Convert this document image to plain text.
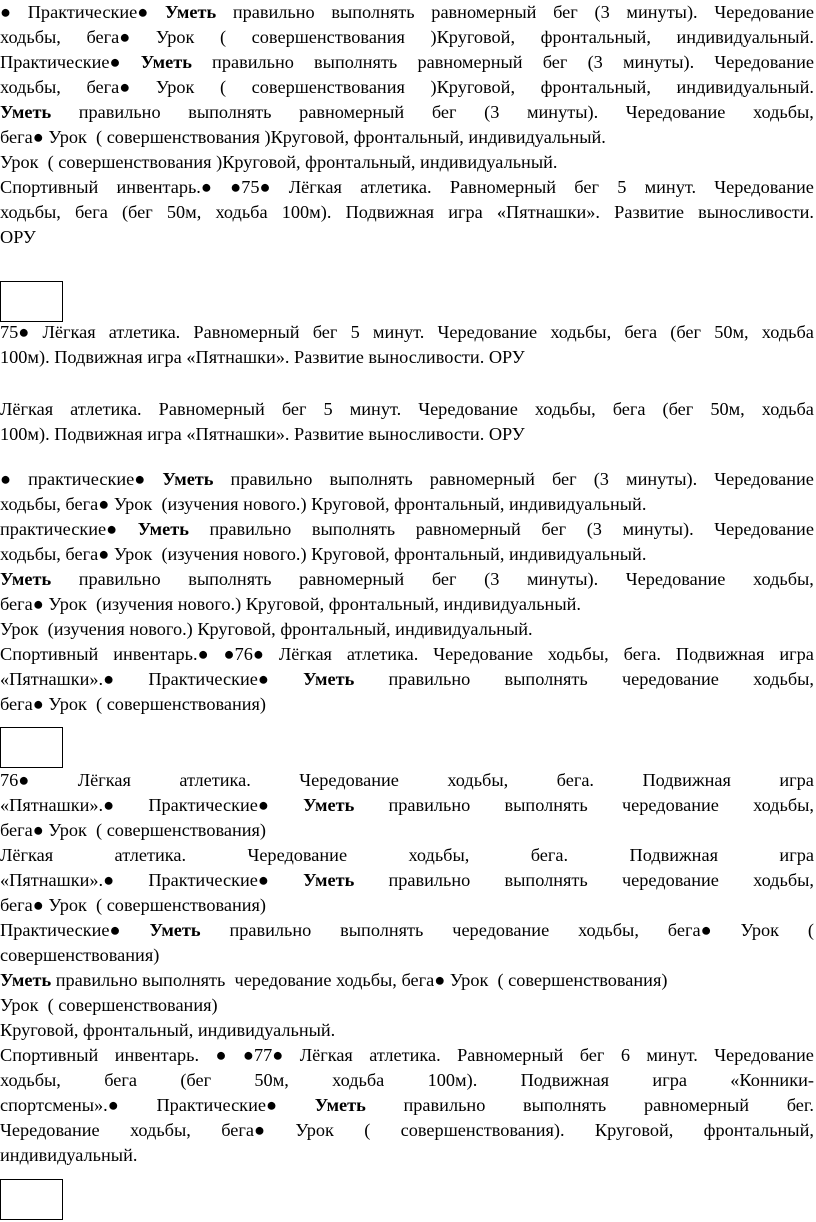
● Практические● Уметь правильно выполнять равномерный бег (3 минуты). Чередование
ходьбы, бега● Урок ( совершенствования )Круговой, фронтальный, индивидуальный.
Практические● Уметь правильно выполнять равномерный бег (3 минуты). Чередование
ходьбы, бега● Урок ( совершенствования )Круговой, фронтальный, индивидуальный.
Уметь правильно выполнять равномерный бег (3 минуты). Чередование ходьбы,
бега● Урок  ( совершенствования )Круговой, фронтальный, индивидуальный.
Урок  ( совершенствования )Круговой, фронтальный, индивидуальный.
Спортивный инвентарь.● ●75● Лёгкая атлетика. Равномерный бег 5 минут. Чередование
ходьбы, бега (бег 50м, ходьба 100м). Подвижная игра «Пятнашки». Развитие выносливости.
ОРУ
75● Лёгкая атлетика. Равномерный бег 5 минут. Чередование ходьбы, бега (бег 50м, ходьба
100м). Подвижная игра «Пятнашки». Развитие выносливости. ОРУ
Лёгкая атлетика. Равномерный бег 5 минут. Чередование ходьбы, бега (бег 50м, ходьба
100м). Подвижная игра «Пятнашки». Развитие выносливости. ОРУ
● практические● Уметь правильно выполнять равномерный бег (3 минуты). Чередование
ходьбы, бега● Урок  (изучения нового.) Круговой, фронтальный, индивидуальный.
практические● Уметь правильно выполнять равномерный бег (3 минуты). Чередование
ходьбы, бега● Урок  (изучения нового.) Круговой, фронтальный, индивидуальный.
Уметь правильно выполнять равномерный бег (3 минуты). Чередование ходьбы,
бега● Урок  (изучения нового.) Круговой, фронтальный, индивидуальный.
Урок  (изучения нового.) Круговой, фронтальный, индивидуальный.
Спортивный инвентарь.● ●76● Лёгкая атлетика. Чередование ходьбы, бега. Подвижная игра
«Пятнашки».● Практические● Уметь правильно выполнять чередование ходьбы,
бега● Урок  ( совершенствования)
76●	Лёгкая	атлетика.	Чередование	ходьбы,	бега.	Подвижная	игра
«Пятнашки».● Практические● Уметь правильно выполнять чередование ходьбы,
бега● Урок  ( совершенствования)
Лёгкая	атлетика.	Чередование	ходьбы,	бега.	Подвижная	игра
«Пятнашки».● Практические● Уметь правильно выполнять чередование ходьбы,
бега● Урок  ( совершенствования)
Практические● Уметь правильно выполнять чередование ходьбы, бега● Урок (
совершенствования)
Уметь правильно выполнять  чередование ходьбы, бега● Урок  ( совершенствования)
Урок  ( совершенствования)
Круговой, фронтальный, индивидуальный.
Спортивный инвентарь. ● ●77● Лёгкая атлетика. Равномерный бег 6 минут. Чередование
ходьбы, бега (бег 50м, ходьба 100м). Подвижная игра «Конники-
спортсмены».● Практические● Уметь правильно выполнять равномерный бег.
Чередование ходьбы, бега● Урок ( совершенствования). Круговой, фронтальный,
индивидуальный.
